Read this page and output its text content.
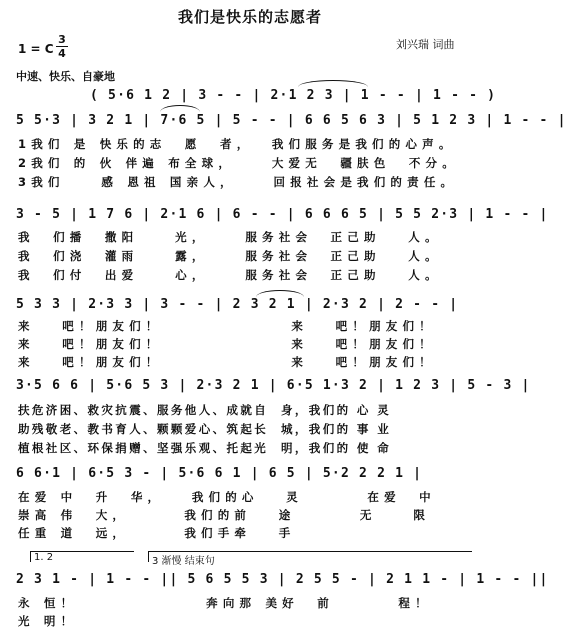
我们是快乐的志愿者
刘兴瑞 词曲
1 = C
3
4
中速、快乐、自豪地
( 5·6 1 2 | 3 - - | 2·1 2 3 | 1 - - | 1 - - )
5 5·3 | 3 2 1 | 7·6 5 | 5 - - | 6 6 5 6 3 | 5 1 2 3 | 1 - - |
1我们 是 快乐的志  愿  者，  我们服务是我们的心声。
2我们 的 伙 伴遍 布全球，    大爱无  疆肤色  不分。
3我们    感 恩祖 国亲人，    回报社会是我们的责任。
3 - 5 | 1 7 6 | 2·1 6 | 6 - - | 6 6 6 5 | 5 5 2·3 | 1 - - |
我  们播  撒阳    光，    服务社会  正己助   人。
我  们浇  灌雨    露，    服务社会  正己助   人。
我  们付  出爱    心，    服务社会  正己助   人。
5 3 3 | 2·3 3 | 3 - - | 2 3 2 1 | 2·3 2 | 2 - - |
来   吧！朋友们！              来   吧！朋友们！
来   吧！朋友们！              来   吧！朋友们！
来   吧！朋友们！              来   吧！朋友们！
3·5 6 6 | 5·6 5 3 | 2·3 2 1 | 6·5 1·3 2 | 1 2 3 | 5 - 3 |
扶危济困、救灾抗震、服务他人、成就自  身，我们的 心 灵
助残敬老、教书育人、颗颗爱心、筑起长  城，我们的 事 业
植根社区、环保捐赠、坚强乐观、托起光  明，我们的 使 命
6 6·1 | 6·5 3 - | 5·6 6 1 | 6 5 | 5·2 2 2 1 |
在爱 中  升  华，   我们的心   灵       在爱  中
崇高 伟  大，      我们的前   途       无    限
任重 道  远，      我们手牵   手
1. 2	3 渐慢 结束句
2 3 1 - | 1 - - || 5 6 5 5 3 | 2 5 5 - | 2 1 1 - | 1 - - ||
永 恒！              奔向那 美好  前       程！
光 明！
